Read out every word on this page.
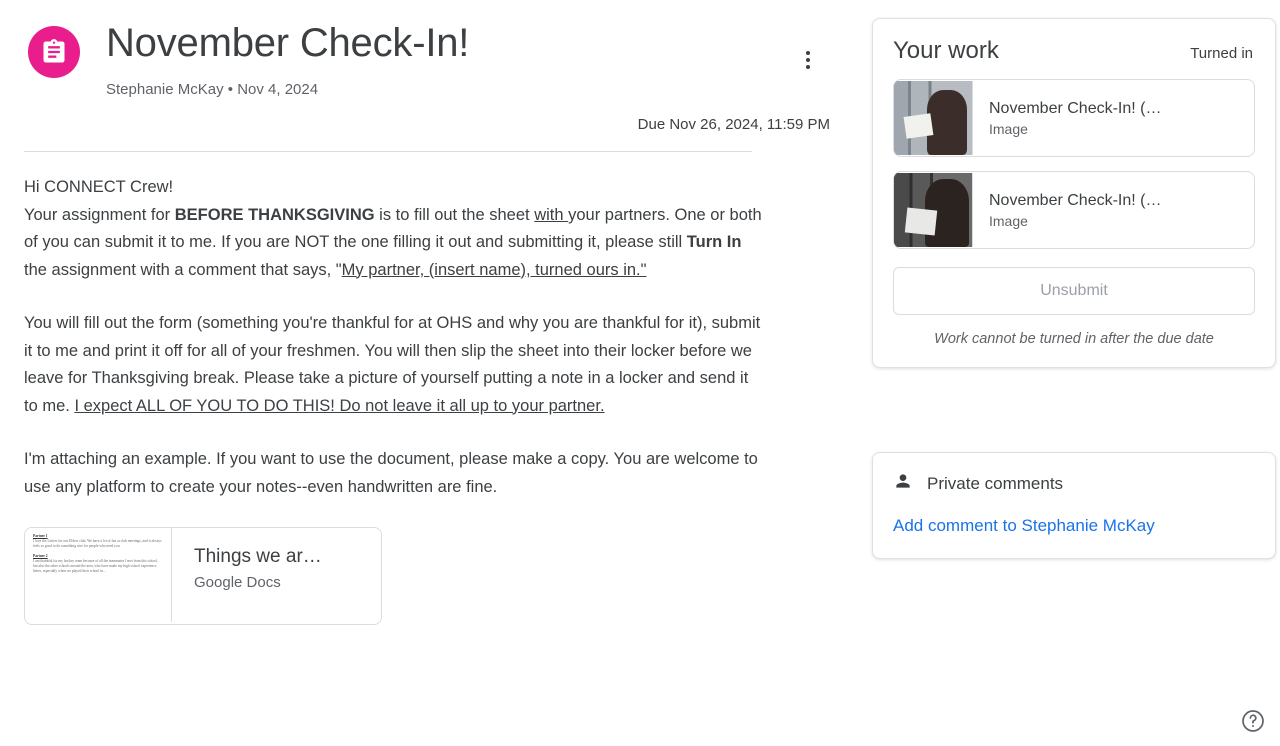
November Check-In!
Stephanie McKay • Nov 4, 2024
Due Nov 26, 2024, 11:59 PM

Hi CONNECT Crew!
Your assignment for BEFORE THANKSGIVING is to fill out the sheet with your partners. One or both of you can submit it to me. If you are NOT the one filling it out and submitting it, please still Turn In the assignment with a comment that says, "My partner, (insert name), turned ours in."

You will fill out the form (something you're thankful for at OHS and why you are thankful for it), submit it to me and print it off for all of your freshmen. You will then slip the sheet into their locker before we leave for Thanksgiving break. Please take a picture of yourself putting a note in a locker and send it to me. I expect ALL OF YOU TO DO THIS! Do not leave it all up to your partner.

I'm attaching an example. If you want to use the document, please make a copy. You are welcome to use any platform to create your notes--even handwritten are fine.

Partner 1
I love the Letters for our Elders club. We have a lot of fun at club meetings, and it always feels so good to do something nice for people who need you.
Partner 2
I am thankful for my hockey team because of all the teammates I met from this school, but also the other schools around the area, who have made my high school experience better, especially when we played their school in...
Things we ar…
Google Docs
Your work	Turned in
November Check-In! (…
Image
November Check-In! (…
Image
Unsubmit
Work cannot be turned in after the due date
Private comments
Add comment to Stephanie McKay
